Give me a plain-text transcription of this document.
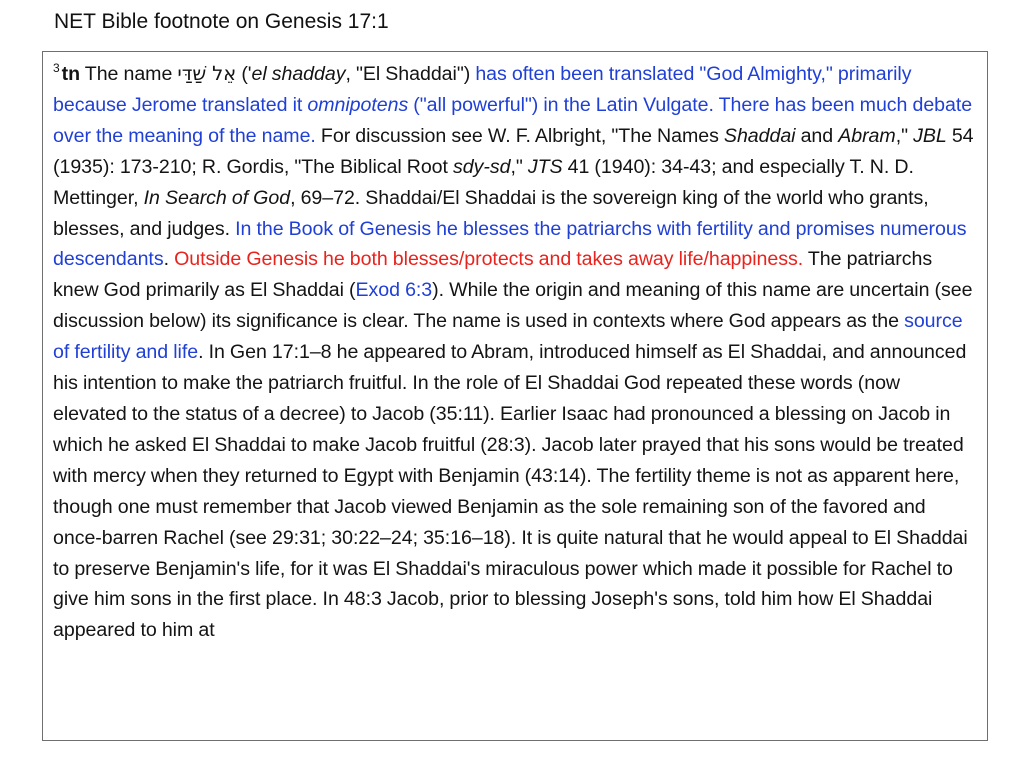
NET Bible footnote on Genesis 17:1

$^3$ tn The name אֵל שַׁדַּי ('el shadday, "El Shaddai") has often been translated "God Almighty," primarily because Jerome translated it omnipotens ("all powerful") in the Latin Vulgate. There has been much debate over the meaning of the name. For discussion see W. F. Albright, "The Names Shaddai and Abram," JBL 54 (1935): 173-210; R. Gordis, "The Biblical Root sdy-sd," JTS 41 (1940): 34-43; and especially T. N. D. Mettinger, In Search of God, 69–72. Shaddai/El Shaddai is the sovereign king of the world who grants, blesses, and judges. In the Book of Genesis he blesses the patriarchs with fertility and promises numerous descendants. Outside Genesis he both blesses/protects and takes away life/happiness. The patriarchs knew God primarily as El Shaddai (Exod 6:3). While the origin and meaning of this name are uncertain (see discussion below) its significance is clear. The name is used in contexts where God appears as the source of fertility and life. In Gen 17:1–8 he appeared to Abram, introduced himself as El Shaddai, and announced his intention to make the patriarch fruitful. In the role of El Shaddai God repeated these words (now elevated to the status of a decree) to Jacob (35:11). Earlier Isaac had pronounced a blessing on Jacob in which he asked El Shaddai to make Jacob fruitful (28:3). Jacob later prayed that his sons would be treated with mercy when they returned to Egypt with Benjamin (43:14). The fertility theme is not as apparent here, though one must remember that Jacob viewed Benjamin as the sole remaining son of the favored and once-barren Rachel (see 29:31; 30:22–24; 35:16–18). It is quite natural that he would appeal to El Shaddai to preserve Benjamin's life, for it was El Shaddai's miraculous power which made it possible for Rachel to give him sons in the first place. In 48:3 Jacob, prior to blessing Joseph's sons, told him how El Shaddai appeared to him at
